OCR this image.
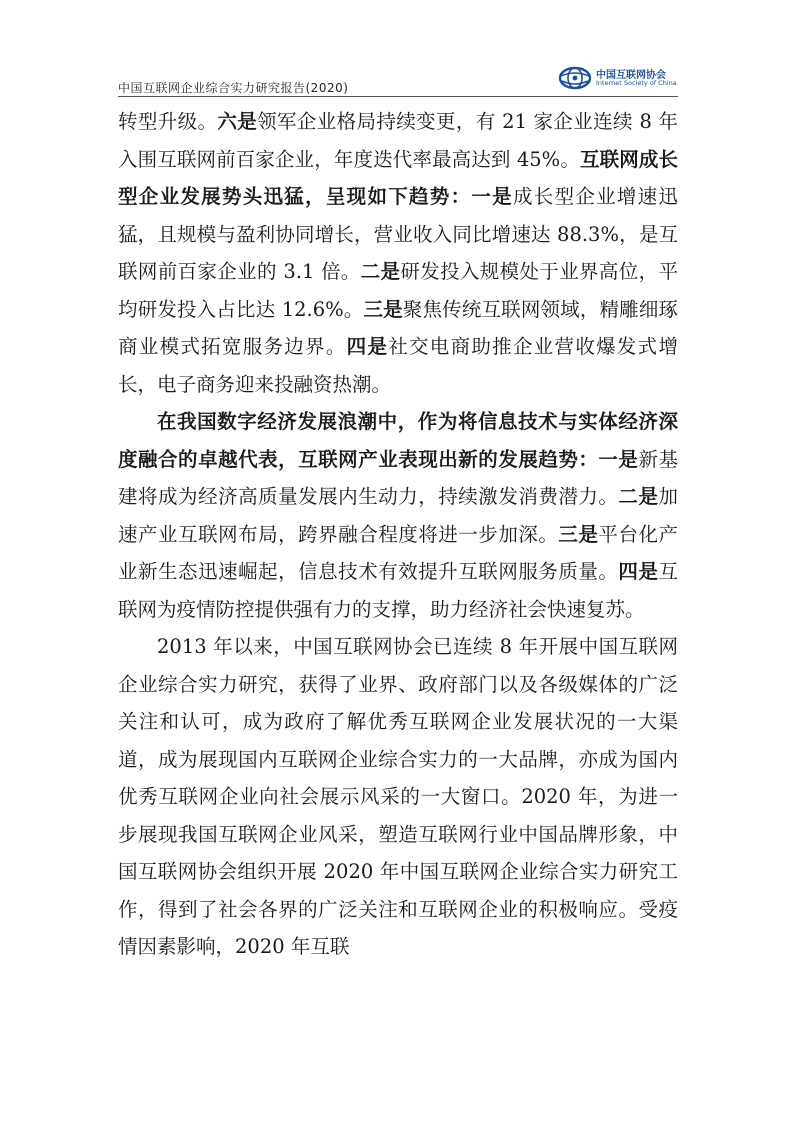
中国互联网企业综合实力研究报告(2020)
中国互联网协会
Internet Society of China

转型升级。六是领军企业格局持续变更，有 21 家企业连续 8 年入围互联网前百家企业，年度迭代率最高达到 45%。互联网成长型企业发展势头迅猛，呈现如下趋势：一是成长型企业增速迅猛，且规模与盈利协同增长，营业收入同比增速达 88.3%，是互联网前百家企业的 3.1 倍。二是研发投入规模处于业界高位，平均研发投入占比达 12.6%。三是聚焦传统互联网领域，精雕细琢商业模式拓宽服务边界。四是社交电商助推企业营收爆发式增长，电子商务迎来投融资热潮。

在我国数字经济发展浪潮中，作为将信息技术与实体经济深度融合的卓越代表，互联网产业表现出新的发展趋势：一是新基建将成为经济高质量发展内生动力，持续激发消费潜力。二是加速产业互联网布局，跨界融合程度将进一步加深。三是平台化产业新生态迅速崛起，信息技术有效提升互联网服务质量。四是互联网为疫情防控提供强有力的支撑，助力经济社会快速复苏。

2013 年以来，中国互联网协会已连续 8 年开展中国互联网企业综合实力研究，获得了业界、政府部门以及各级媒体的广泛关注和认可，成为政府了解优秀互联网企业发展状况的一大渠道，成为展现国内互联网企业综合实力的一大品牌，亦成为国内优秀互联网企业向社会展示风采的一大窗口。2020 年，为进一步展现我国互联网企业风采，塑造互联网行业中国品牌形象，中国互联网协会组织开展 2020 年中国互联网企业综合实力研究工作，得到了社会各界的广泛关注和互联网企业的积极响应。受疫情因素影响，2020 年互联
